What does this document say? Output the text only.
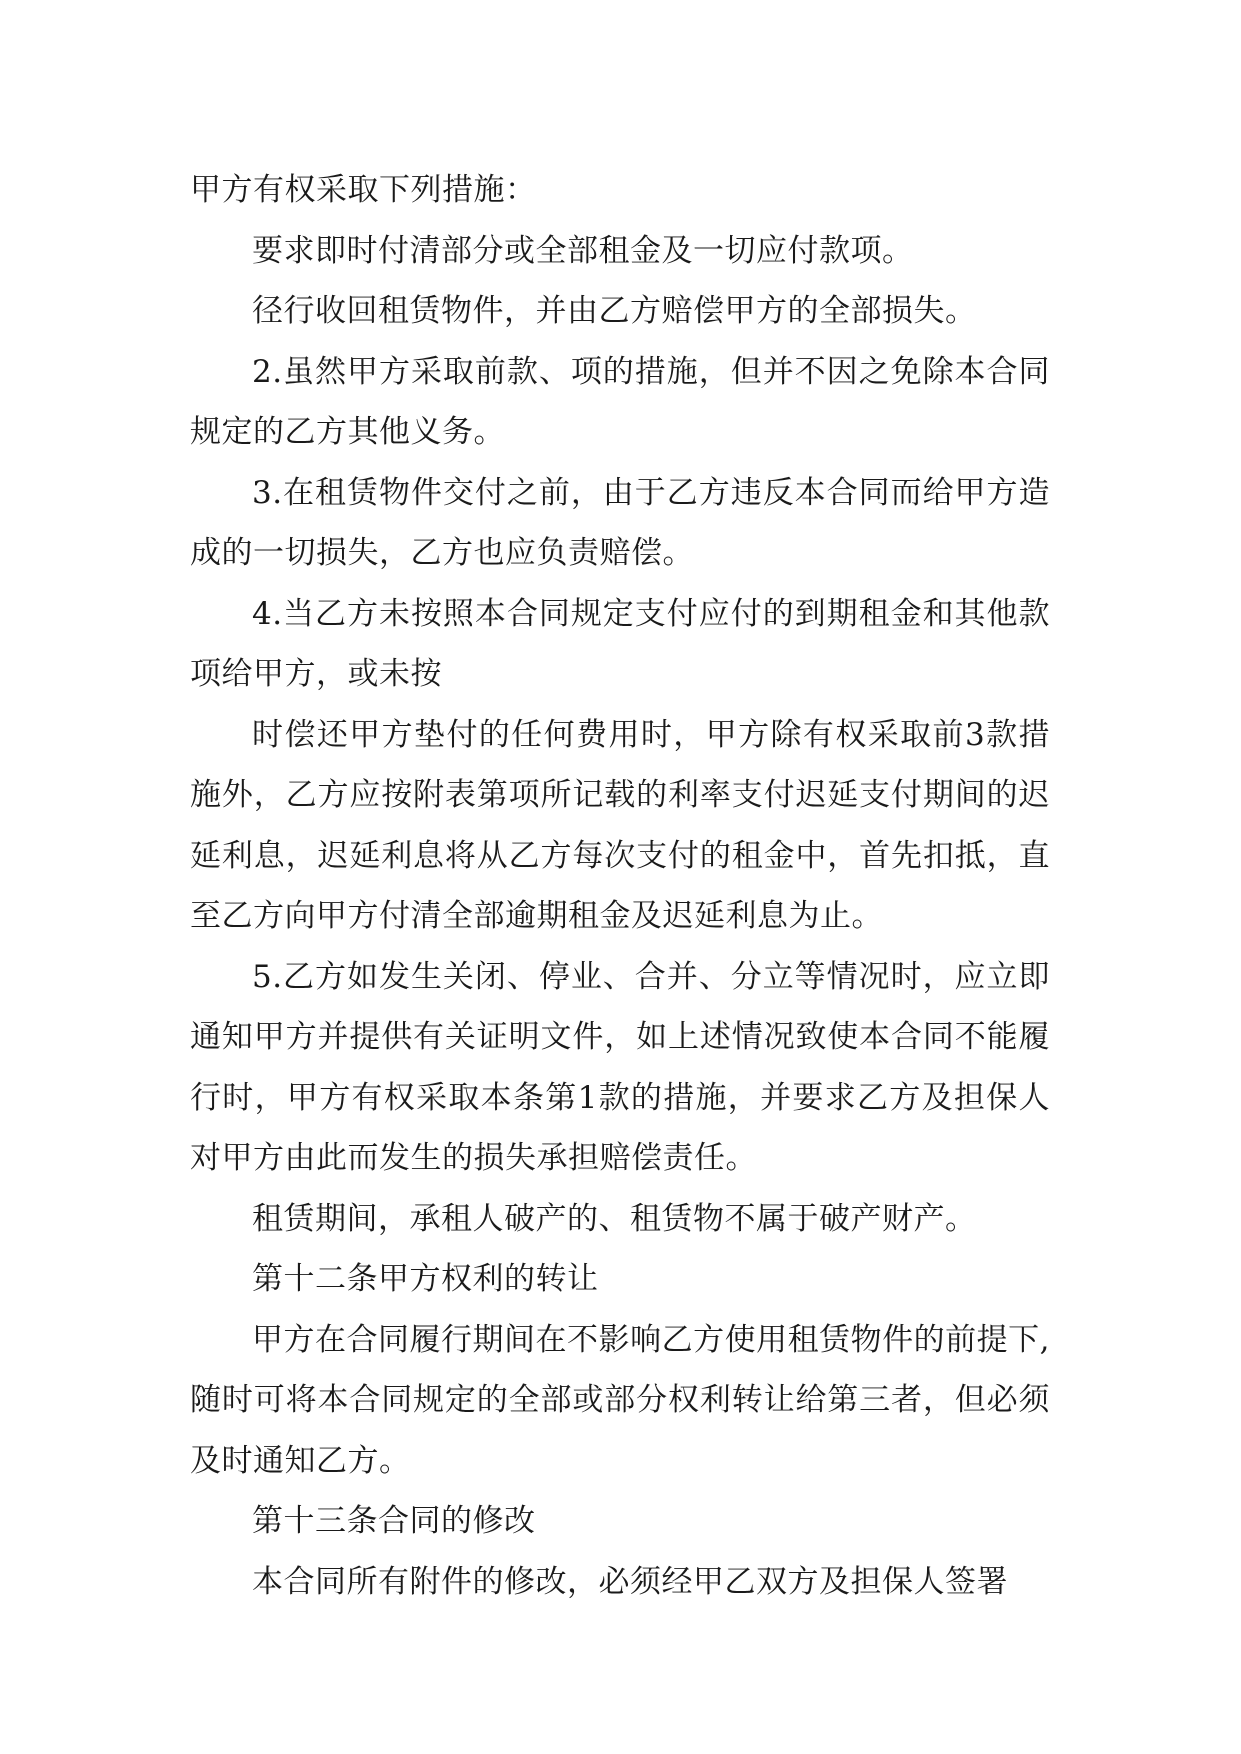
甲方有权采取下列措施：

要求即时付清部分或全部租金及一切应付款项。

径行收回租赁物件，并由乙方赔偿甲方的全部损失。

2.虽然甲方采取前款、项的措施，但并不因之免除本合同规定的乙方其他义务。

3.在租赁物件交付之前，由于乙方违反本合同而给甲方造成的一切损失，乙方也应负责赔偿。

4.当乙方未按照本合同规定支付应付的到期租金和其他款项给甲方，或未按

时偿还甲方垫付的任何费用时，甲方除有权采取前3款措施外，乙方应按附表第项所记载的利率支付迟延支付期间的迟延利息，迟延利息将从乙方每次支付的租金中，首先扣抵，直至乙方向甲方付清全部逾期租金及迟延利息为止。

5.乙方如发生关闭、停业、合并、分立等情况时，应立即通知甲方并提供有关证明文件，如上述情况致使本合同不能履行时，甲方有权采取本条第1款的措施，并要求乙方及担保人对甲方由此而发生的损失承担赔偿责任。

租赁期间，承租人破产的、租赁物不属于破产财产。

第十二条甲方权利的转让

甲方在合同履行期间在不影响乙方使用租赁物件的前提下,随时可将本合同规定的全部或部分权利转让给第三者，但必须及时通知乙方。

第十三条合同的修改

本合同所有附件的修改，必须经甲乙双方及担保人签署
